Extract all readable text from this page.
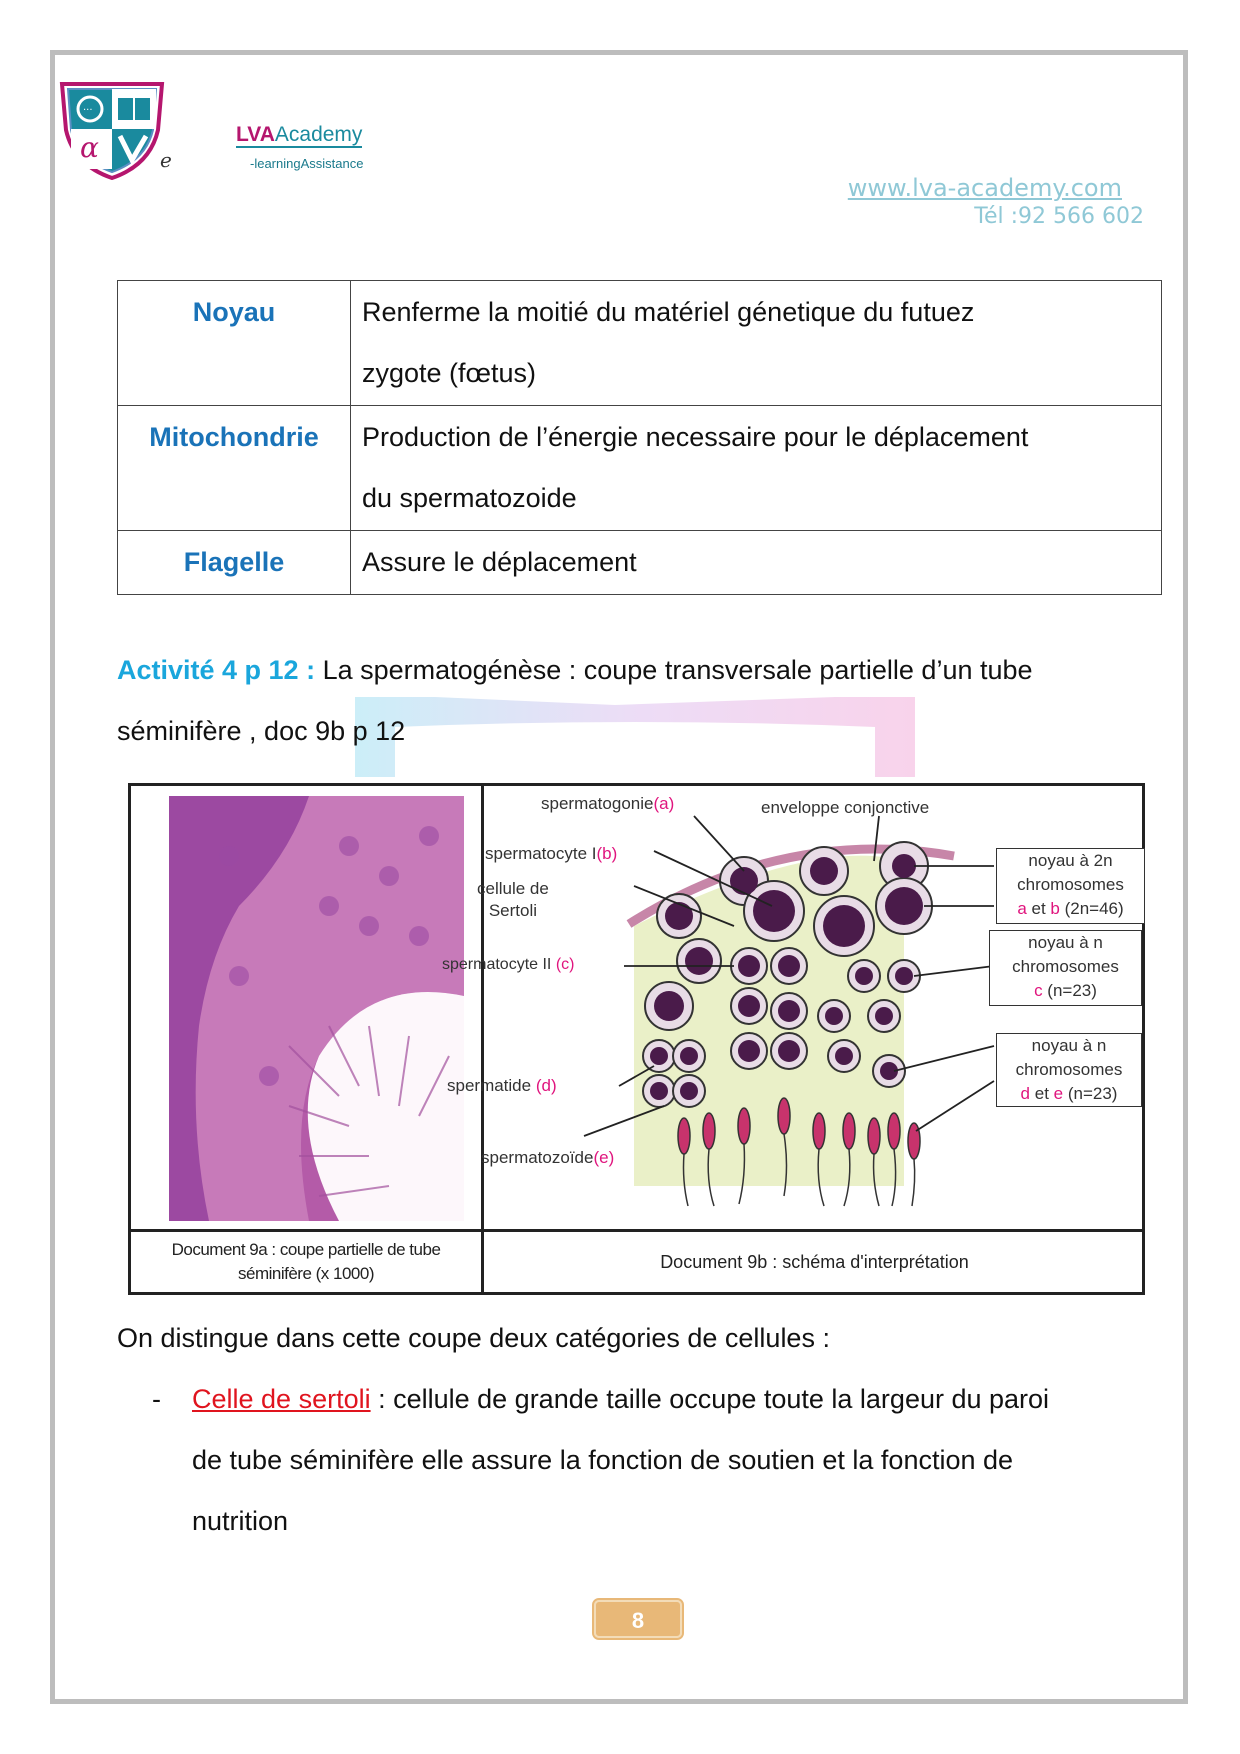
···
α	e
LVAAcademy
-learningAssistance
www.lva-academy.com
Tél :92 566 602
Noyau	Renferme la moitié du matériel génetique du futuez
zygote (fœtus)

Mitochondrie	Production de l’énergie necessaire pour le déplacement
du spermatozoide

Flagelle	Assure le déplacement
Activité 4 p 12 : La spermatogénèse : coupe transversale partielle d’un tube
séminifère , doc 9b p 12
spermatogonie(a)	enveloppe conjonctive
spermatocyte I(b)
cellule de
Sertoli
spermatocyte II (c)
spermatide (d)
spermatozoïde(e)
noyau à 2n
chromosomes
a et b (2n=46)
noyau à n
chromosomes
c (n=23)
noyau à n
chromosomes
d et e (n=23)
Document 9a : coupe partielle de tube
séminifère (x 1000)
Document 9b : schéma d'interprétation
On distingue dans cette coupe deux catégories de cellules :
- Celle de sertoli : cellule de grande taille occupe toute la largeur du paroi
de tube séminifère elle assure la fonction de soutien et la fonction de
nutrition
8
